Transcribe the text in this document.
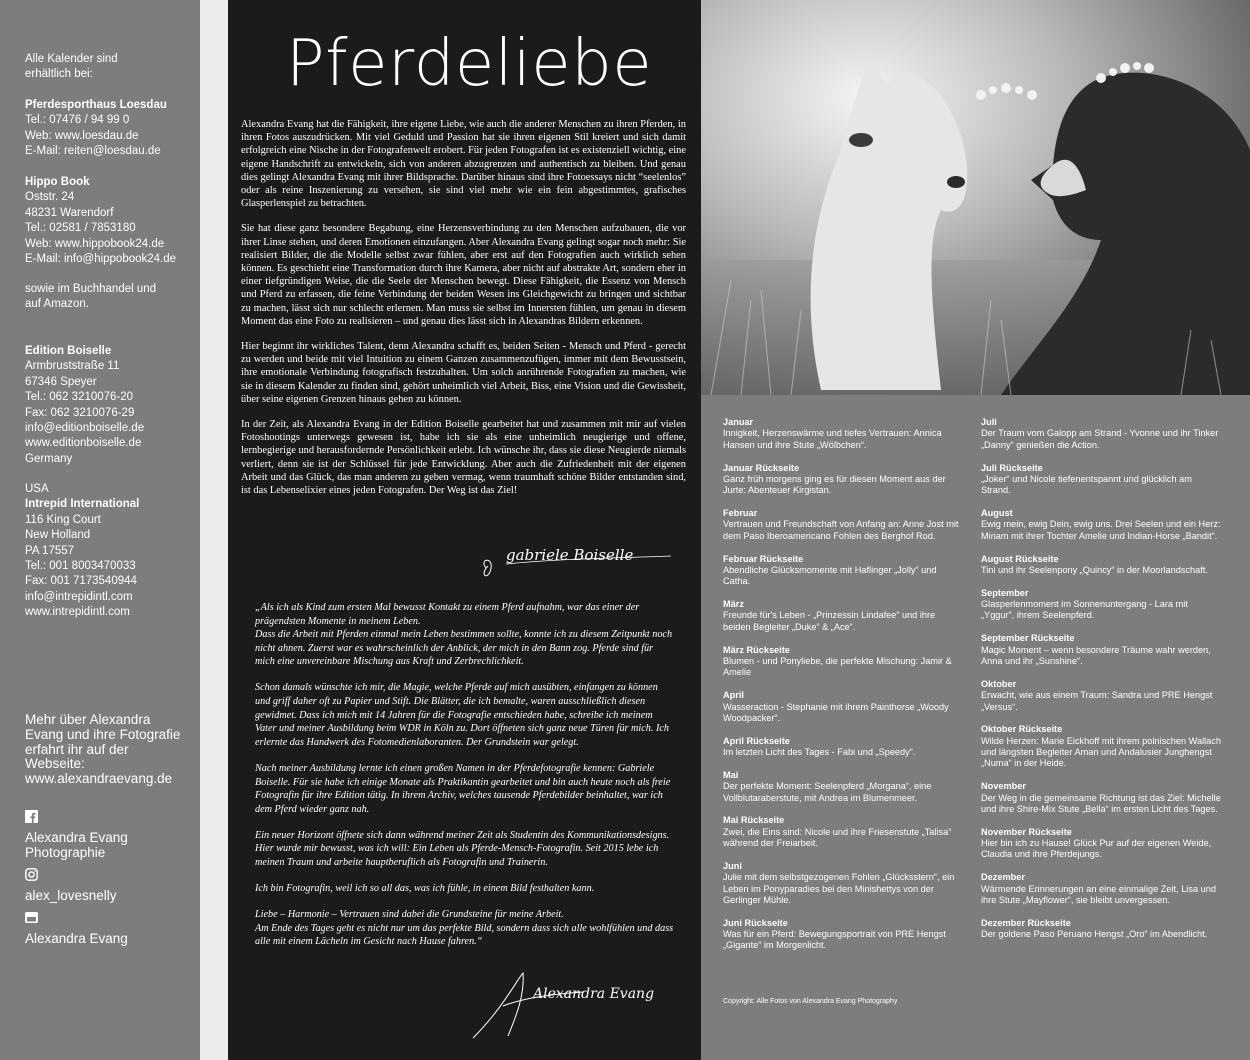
Alle Kalender sind
erhältlich bei:
Pferdesporthaus Loesdau
Tel.: 07476 / 94 99 0
Web: www.loesdau.de
E-Mail: reiten@loesdau.de
Hippo Book
Oststr. 24
48231 Warendorf
Tel.: 02581 / 7853180
Web: www.hippobook24.de
E-Mail: info@hippobook24.de
sowie im Buchhandel und
auf Amazon.
Edition Boiselle
Armbruststraße 11
67346 Speyer
Tel.: 062 3210076-20
Fax: 062 3210076-29
info@editionboiselle.de
www.editionboiselle.de
Germany
USA
Intrepid International
116 King Court
New Holland
PA 17557
Tel.: 001 8003470033
Fax: 001 7173540944
info@intrepidintl.com
www.intrepidintl.com
Mehr über Alexandra
Evang und ihre Fotografie
erfahrt ihr auf der
Webseite:
www.alexandraevang.de
Alexandra Evang
Photographie
alex_lovesnelly
Alexandra Evang
Pferdeliebe

Alexandra Evang hat die Fähigkeit, ihre eigene Liebe, wie auch die anderer Menschen zu ihren Pferden, in ihren Fotos auszudrücken. Mit viel Geduld und Passion hat sie ihren eigenen Stil kreiert und sich damit erfolgreich eine Nische in der Fotografenwelt erobert. Für jeden Fotografen ist es existenziell wichtig, eine eigene Handschrift zu entwickeln, sich von anderen abzugrenzen und authentisch zu bleiben. Und genau dies gelingt Alexandra Evang mit ihrer Bildsprache. Darüber hinaus sind ihre Fotoessays nicht “seelenlos” oder als reine Inszenierung zu versehen, sie sind viel mehr wie ein fein abgestimmtes, grafisches Glasperlenspiel zu betrachten.

Sie hat diese ganz besondere Begabung, eine Herzensverbindung zu den Menschen aufzubauen, die vor ihrer Linse stehen, und deren Emotionen einzufangen. Aber Alexandra Evang gelingt sogar noch mehr: Sie realisiert Bilder, die die Modelle selbst zwar fühlen, aber erst auf den Fotografien auch wirklich sehen können. Es geschieht eine Transformation durch ihre Kamera, aber nicht auf abstrakte Art, sondern eher in einer tiefgründigen Weise, die die Seele der Menschen bewegt. Diese Fähigkeit, die Essenz von Mensch und Pferd zu erfassen, die feine Verbindung der beiden Wesen ins Gleichgewicht zu bringen und sichtbar zu machen, lässt sich nur schlecht erlernen. Man muss sie selbst im Innersten fühlen, um genau in diesem Moment das eine Foto zu realisieren – und genau dies lässt sich in Alexandras Bildern erkennen.

Hier beginnt ihr wirkliches Talent, denn Alexandra schafft es, beiden Seiten - Mensch und Pferd - gerecht zu werden und beide mit viel Intuition zu einem Ganzen zusammenzufügen, immer mit dem Bewusstsein, ihre emotionale Verbindung fotografisch festzuhalten. Um solch anrührende Fotografien zu machen, wie sie in diesem Kalender zu finden sind, gehört unheimlich viel Arbeit, Biss, eine Vision und die Gewissheit, über seine eigenen Grenzen hinaus gehen zu können.

In der Zeit, als Alexandra Evang in der Edition Boiselle gearbeitet hat und zusammen mit mir auf vielen Fotoshootings unterwegs gewesen ist, habe ich sie als eine unheimlich neugierige und offene, lernbegierige und herausfordernde Persönlichkeit erlebt. Ich wünsche ihr, dass sie diese Neugierde niemals verliert, denn sie ist der Schlüssel für jede Entwicklung. Aber auch die Zufriedenheit mit der eigenen Arbeit und das Glück, das man anderen zu geben vermag, wenn traumhaft schöne Bilder entstanden sind, ist das Lebenselixier eines jeden Fotografen. Der Weg ist das Ziel!

gabriele Boiselle

„Als ich als Kind zum ersten Mal bewusst Kontakt zu einem Pferd aufnahm, war das einer der prägendsten Momente in meinem Leben.
Dass die Arbeit mit Pferden einmal mein Leben bestimmen sollte, konnte ich zu diesem Zeitpunkt noch nicht ahnen. Zuerst war es wahrscheinlich der Anblick, der mich in den Bann zog. Pferde sind für mich eine unvereinbare Mischung aus Kraft und Zerbrechlichkeit.

Schon damals wünschte ich mir, die Magie, welche Pferde auf mich ausübten, einfangen zu können und griff daher oft zu Papier und Stift. Die Blätter, die ich bemalte, waren ausschließlich diesen gewidmet. Dass ich mich mit 14 Jahren für die Fotografie entschieden habe, schreibe ich meinem Vater und meiner Ausbildung beim WDR in Köln zu. Dort öffneten sich ganz neue Türen für mich. Ich erlernte das Handwerk des Fotomedienlaboranten. Der Grundstein war gelegt.

Nach meiner Ausbildung lernte ich einen großen Namen in der Pferdefotografie kennen: Gabriele Boiselle. Für sie habe ich einige Monate als Praktikantin gearbeitet und bin auch heute noch als freie Fotografin für ihre Edition tätig. In ihrem Archiv, welches tausende Pferdebilder beinhaltet, war ich dem Pferd wieder ganz nah.

Ein neuer Horizont öffnete sich dann während meiner Zeit als Studentin des Kommunikationsdesigns. Hier wurde mir bewusst, was ich will: Ein Leben als Pferde-Mensch-Fotografin. Seit 2015 lebe ich meinen Traum und arbeite hauptberuflich als Fotografin und Trainerin.

Ich bin Fotografin, weil ich so all das, was ich fühle, in einem Bild festhalten kann.

Liebe – Harmonie – Vertrauen sind dabei die Grundsteine für meine Arbeit.
Am Ende des Tages geht es nicht nur um das perfekte Bild, sondern dass sich alle wohlfühlen und dass alle mit einem Lächeln im Gesicht nach Hause fahren.“

Alexandra Evang
Januar
Innigkeit, Herzenswärme und tiefes Vertrauen: Annica Hansen und ihre Stute „Wölbchen“.
Januar Rückseite
Ganz früh morgens ging es für diesen Moment aus der Jurte: Abenteuer Kirgistan.
Februar
Vertrauen und Freundschaft von Anfang an: Anne Jost mit dem Paso Iberoamericano Fohlen des Berghof Rod.
Februar Rückseite
Abendliche Glücksmomente mit Haflinger „Jolly“ und Catha.
März
Freunde für's Leben - „Prinzessin Lindafee“ und ihre beiden Begleiter „Duke“ & „Ace“.
März Rückseite
Blumen - und Ponyliebe, die perfekte Mischung: Jamir & Amelie
April
Wasseraction - Stephanie mit ihrem Painthorse „Woody Woodpacker“.
April Rückseite
Im letzten Licht des Tages - Fabi und „Speedy“.
Mai
Der perfekte Moment: Seelenpferd „Morgana“, eine Vollblutaraberstute, mit Andrea im Blumenmeer.
Mai Rückseite
Zwei, die Eins sind: Nicole und ihre Friesenstute „Talisa“ während der Freiarbeit.
Juni
Julie mit dem selbstgezogenen Fohlen „Glücksstern“, ein Leben im Ponyparadies bei den Minishettys von der Gerlinger Mühle.
Juni Rückseite
Was für ein Pferd: Bewegungsportrait von PRE Hengst „Gigante“ im Morgenlicht.
Juli
Der Traum vom Galopp am Strand - Yvonne und ihr Tinker „Danny“ genießen die Action.
Juli Rückseite
„Joker“ und Nicole tiefenentspannt und glücklich am Strand.
August
Ewig mein, ewig Dein, ewig uns. Drei Seelen und ein Herz: Miriam mit ihrer Tochter Amelie und Indian-Horse „Bandit“.
August Rückseite
Tini und ihr Seelenpony „Quincy“ in der Moorlandschaft.
September
Glasperlenmoment im Sonnenuntergang - Lara mit „Yggur“, ihrem Seelenpferd.
September Rückseite
Magic Moment – wenn besondere Träume wahr werden, Anna und ihr „Sunshine“.
Oktober
Erwacht, wie aus einem Traum: Sandra und PRE Hengst „Versus“.
Oktober Rückseite
Wilde Herzen: Marie Eickhoff mit ihrem polnischen Wallach und längsten Begleiter Aman und Andalusier Junghengst „Numa“ in der Heide.
November
Der Weg in die gemeinsame Richtung ist das Ziel: Michelle und ihre Shire-Mix Stute „Bella“ im ersten Licht des Tages.
November Rückseite
Hier bin ich zu Hause! Glück Pur auf der eigenen Weide, Claudia und ihre Pferdejungs.
Dezember
Wärmende Erinnerungen an eine einmalige Zeit, Lisa und ihre Stute „Mayflower“, sie bleibt unvergessen.
Dezember Rückseite
Der goldene Paso Peruano Hengst „Oro“ im Abendlicht.
Copyright: Alle Fotos von Alexandra Evang Photography
